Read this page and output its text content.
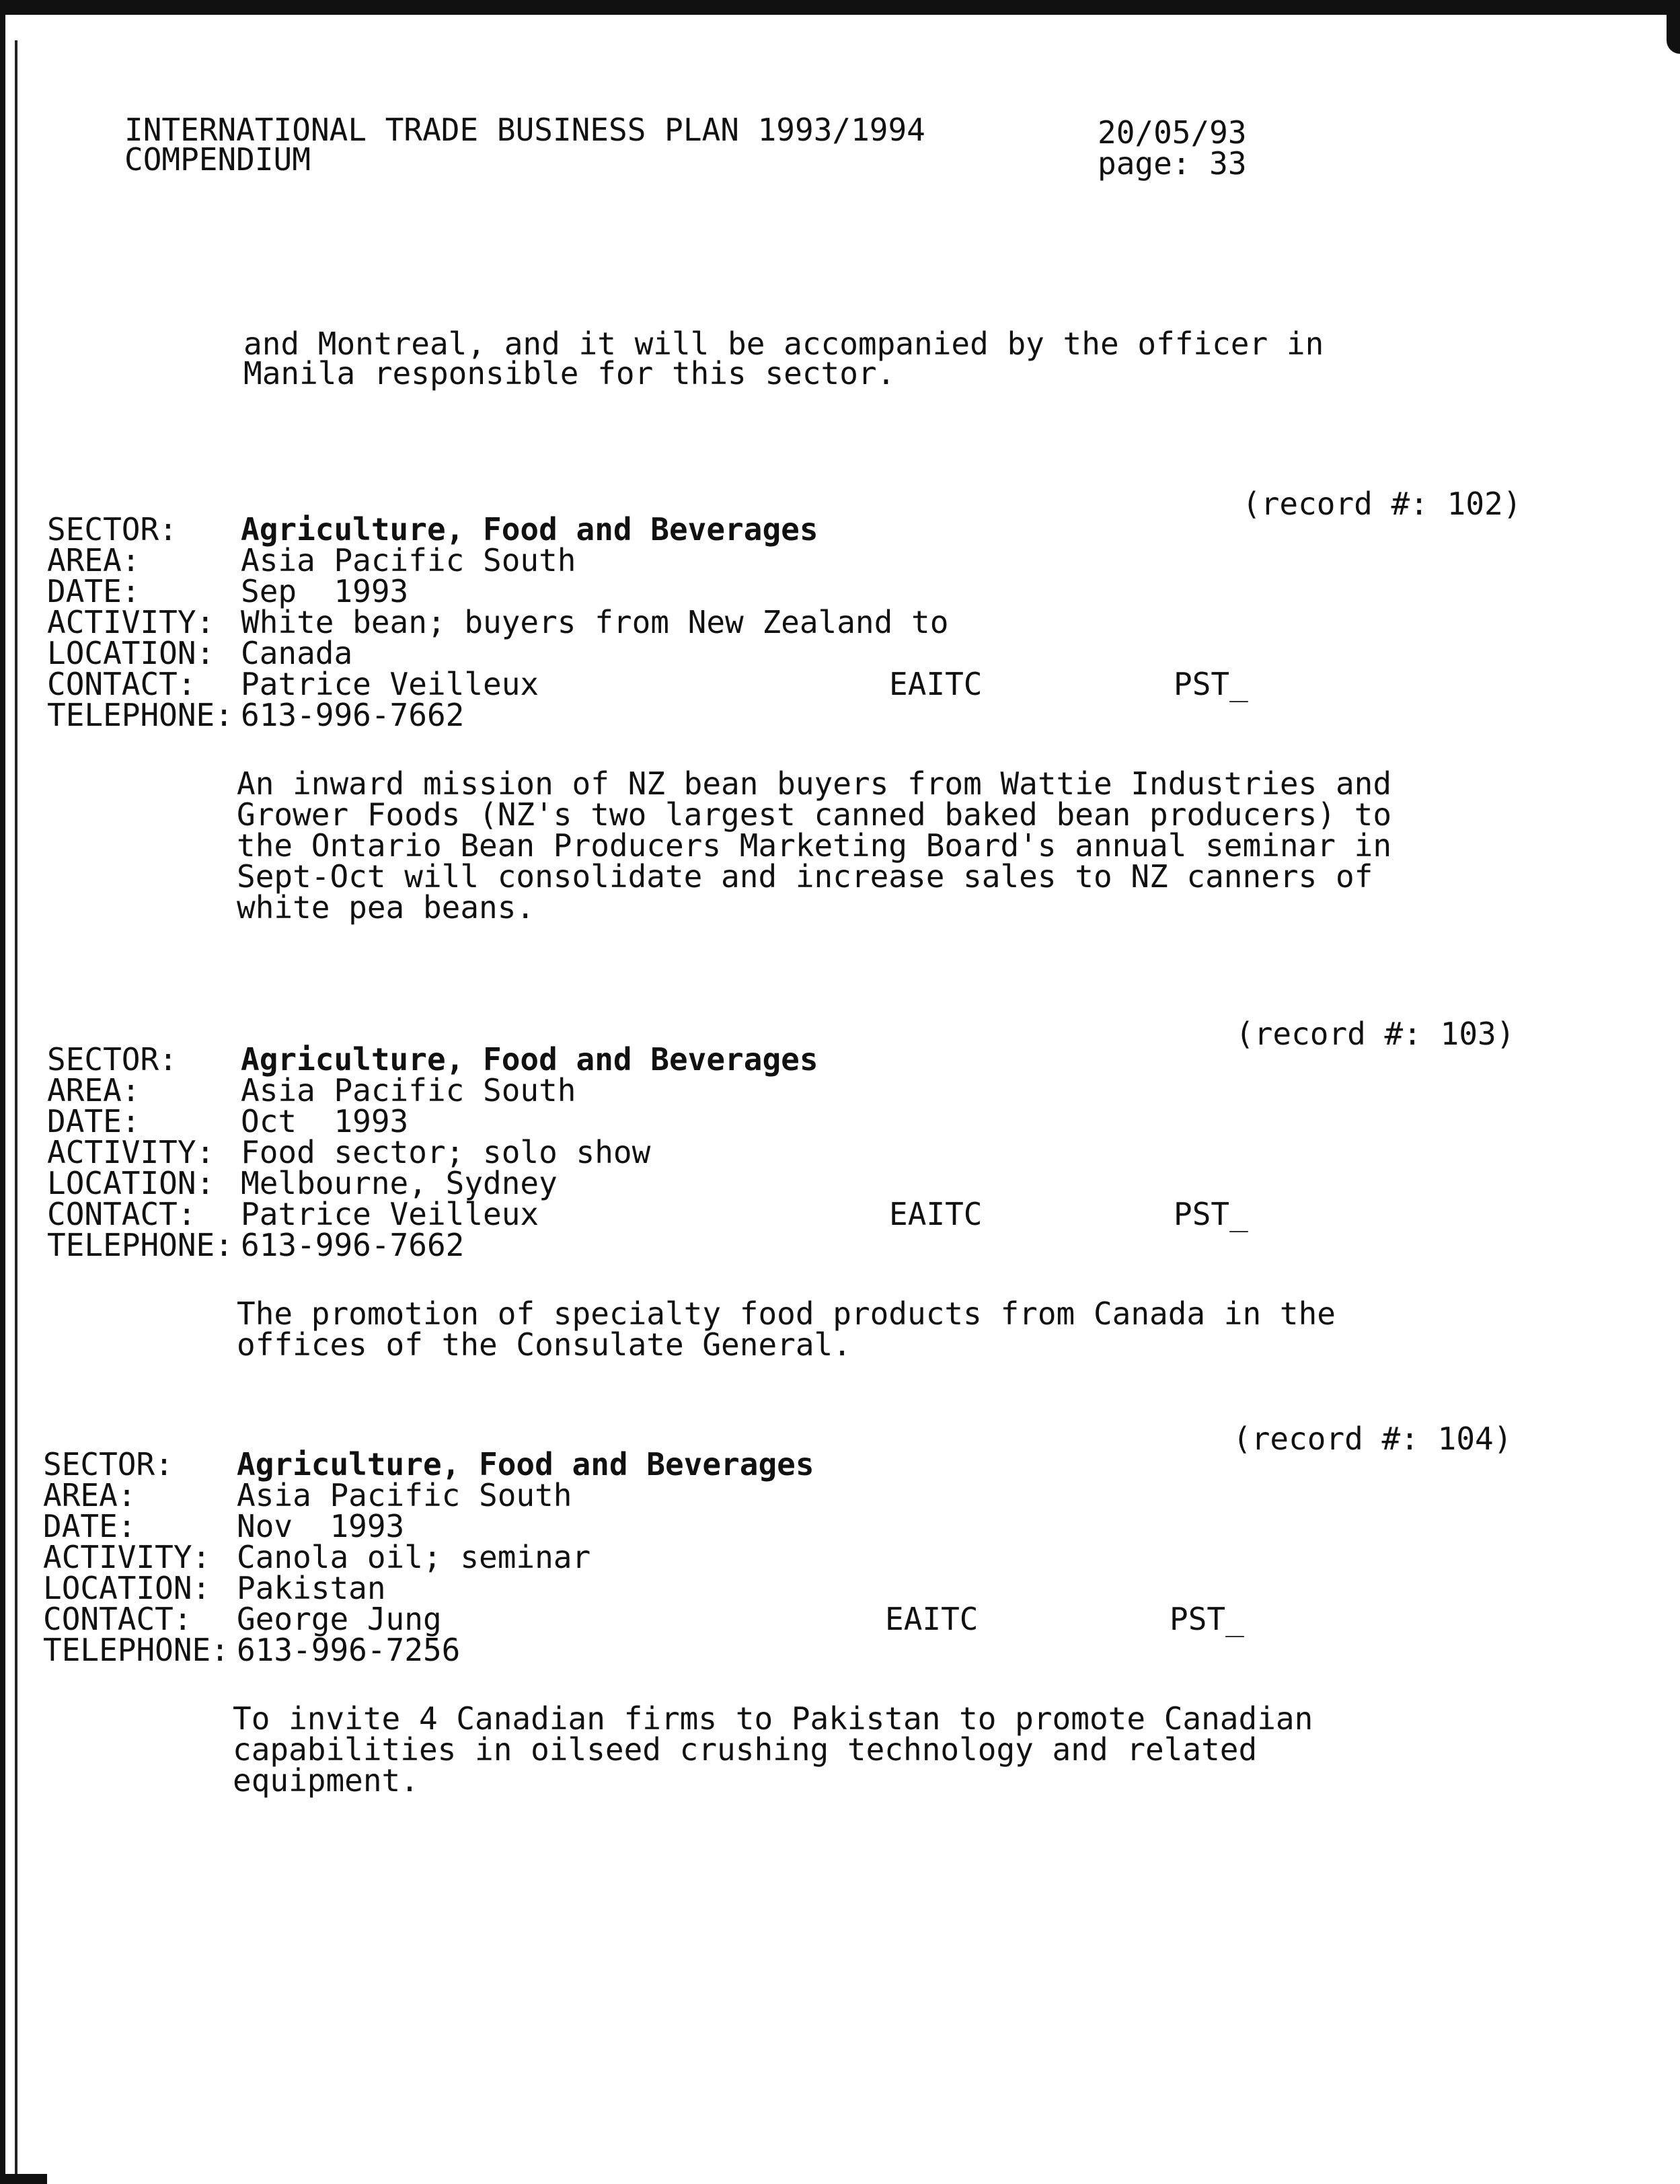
INTERNATIONAL TRADE BUSINESS PLAN 1993/1994
COMPENDIUM
20/05/93
page: 33
and Montreal, and it will be accompanied by the officer in
Manila responsible for this sector.
(record #: 102)
SECTOR: Agriculture, Food and Beverages
AREA:	Asia Pacific South
DATE:	Sep  1993
ACTIVITY: White bean; buyers from New Zealand to
LOCATION: Canada
CONTACT: Patrice Veilleux	EAITC	PST_
TELEPHONE: 613-996-7662
An inward mission of NZ bean buyers from Wattie Industries and
Grower Foods (NZ's two largest canned baked bean producers) to
the Ontario Bean Producers Marketing Board's annual seminar in
Sept-Oct will consolidate and increase sales to NZ canners of
white pea beans.
(record #: 103)
SECTOR: Agriculture, Food and Beverages
AREA:	Asia Pacific South
DATE:	Oct  1993
ACTIVITY: Food sector; solo show
LOCATION: Melbourne, Sydney
CONTACT: Patrice Veilleux	EAITC	PST_
TELEPHONE: 613-996-7662
The promotion of specialty food products from Canada in the
offices of the Consulate General.
(record #: 104)
SECTOR: Agriculture, Food and Beverages
AREA:	Asia Pacific South
DATE:	Nov  1993
ACTIVITY: Canola oil; seminar
LOCATION: Pakistan
CONTACT: George Jung	EAITC	PST_
TELEPHONE: 613-996-7256
To invite 4 Canadian firms to Pakistan to promote Canadian
capabilities in oilseed crushing technology and related
equipment.
